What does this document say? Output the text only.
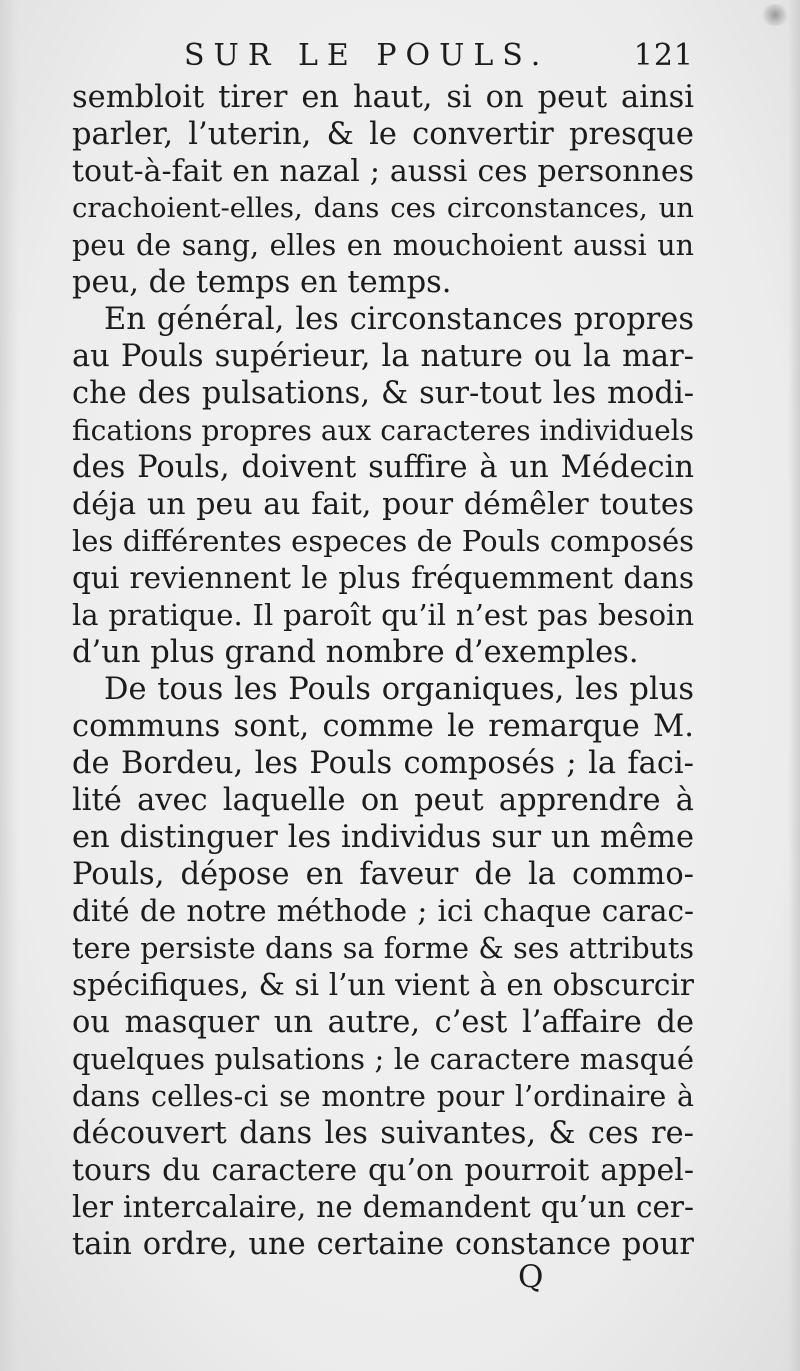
SUR LE POULS.	121
sembloit tirer en haut, si on peut ainsi
parler, l’uterin, & le convertir presque
tout-à-fait en nazal ; aussi ces personnes
crachoient-elles, dans ces circonstances, un
peu de sang, elles en mouchoient aussi un
peu, de temps en temps.
En général, les circonstances propres
au Pouls supérieur, la nature ou la mar-
che des pulsations, & sur-tout les modi-
fications propres aux caracteres individuels
des Pouls, doivent suffire à un Médecin
déja un peu au fait, pour démêler toutes
les différentes especes de Pouls composés
qui reviennent le plus fréquemment dans
la pratique. Il paroît qu’il n’est pas besoin
d’un plus grand nombre d’exemples.
De tous les Pouls organiques, les plus
communs sont, comme le remarque M.
de Bordeu, les Pouls composés ; la faci-
lité avec laquelle on peut apprendre à
en distinguer les individus sur un même
Pouls, dépose en faveur de la commo-
dité de notre méthode ; ici chaque carac-
tere persiste dans sa forme & ses attributs
spécifiques, & si l’un vient à en obscurcir
ou masquer un autre, c’est l’affaire de
quelques pulsations ; le caractere masqué
dans celles-ci se montre pour l’ordinaire à
découvert dans les suivantes, & ces re-
tours du caractere qu’on pourroit appel-
ler intercalaire, ne demandent qu’un cer-
tain ordre, une certaine constance pour
Q
